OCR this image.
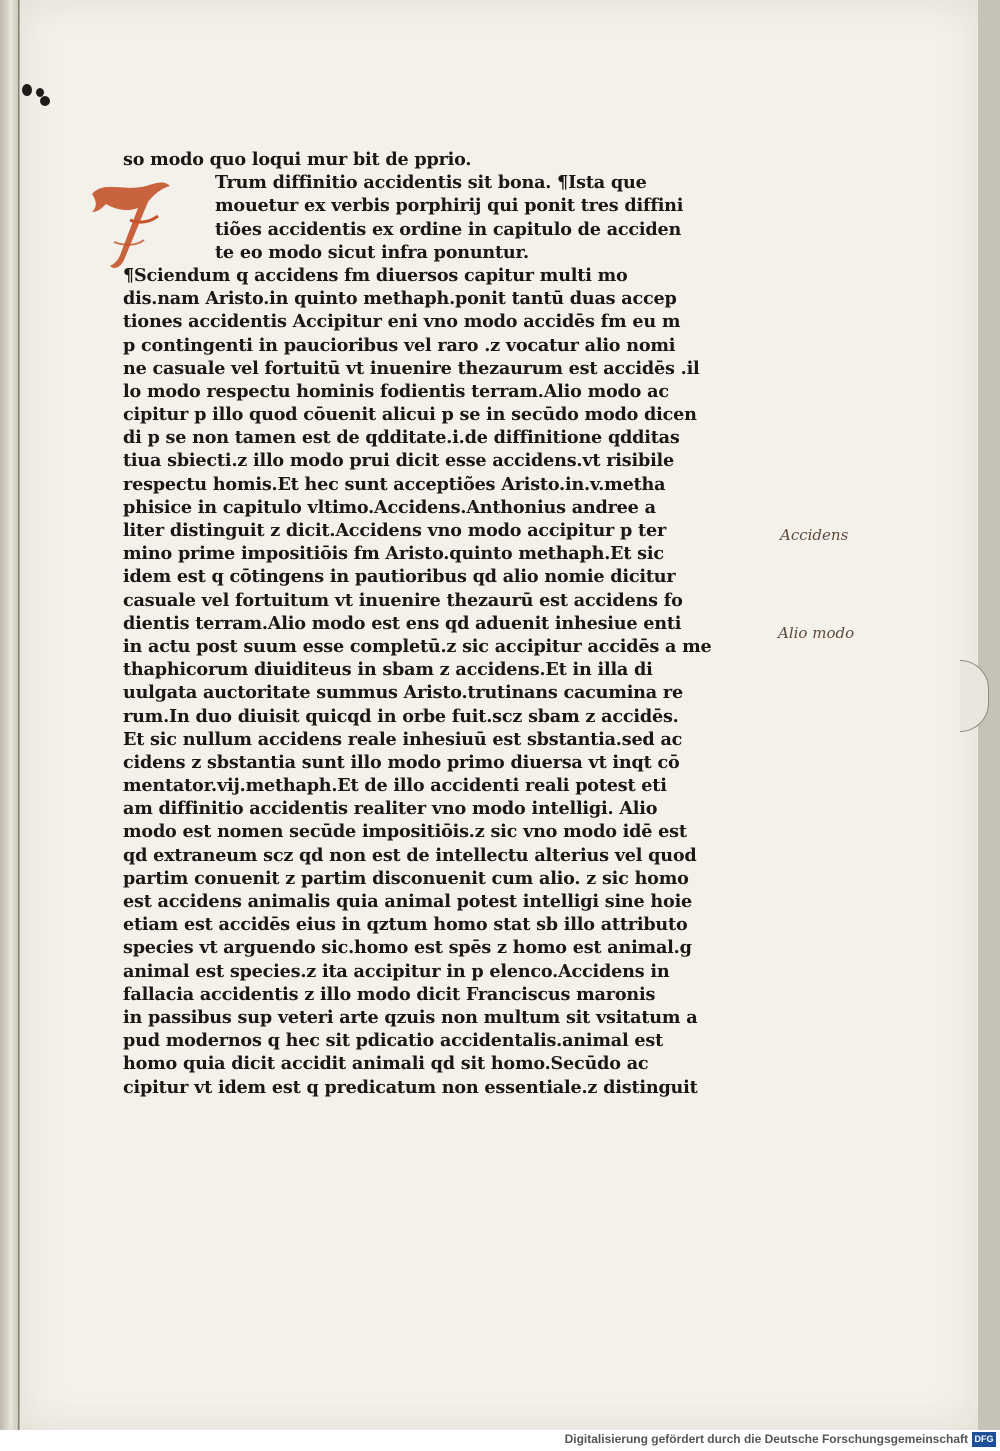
so modo quo loqui mur bit de pprio.
Trum diffinitio accidentis sit bona. ¶Ista que
mouetur ex verbis porphirij qui ponit tres diffini
tiões accidentis ex ordine in capitulo de acciden
te eo modo sicut infra ponuntur.
¶Sciendum q accidens fm diuersos capitur multi mo
dis.nam Aristo.in quinto methaph.ponit tantū duas accep
tiones accidentis Accipitur eni vno modo accidēs fm eu m
p contingenti in paucioribus vel raro .z vocatur alio nomi
ne casuale vel fortuitū vt inuenire thezaurum est accidēs .il
lo modo respectu hominis fodientis terram.Alio modo ac
cipitur p illo quod cōuenit alicui p se in secūdo modo dicen
di p se non tamen est de qdditate.i.de diffinitione qdditas
tiua sbiecti.z illo modo prui dicit esse accidens.vt risibile
respectu homis.Et hec sunt acceptiões Aristo.in.v.metha
phisice in capitulo vltimo.Accidens.Anthonius andree a
liter distinguit z dicit.Accidens vno modo accipitur p ter
mino prime impositiōis fm Aristo.quinto methaph.Et sic
idem est q cōtingens in pautioribus qd alio nomie dicitur
casuale vel fortuitum vt inuenire thezaurū est accidens fo
dientis terram.Alio modo est ens qd aduenit inhesiue enti
in actu post suum esse completū.z sic accipitur accidēs a me
thaphicorum diuiditeus in sbam z accidens.Et in illa di
uulgata auctoritate summus Aristo.trutinans cacumina re
rum.In duo diuisit quicqd in orbe fuit.scz sbam z accidēs.
Et sic nullum accidens reale inhesiuū est sbstantia.sed ac
cidens z sbstantia sunt illo modo primo diuersa vt inqt cō
mentator.vij.methaph.Et de illo accidenti reali potest eti
am diffinitio accidentis realiter vno modo intelligi. Alio
modo est nomen secūde impositiōis.z sic vno modo idē est
qd extraneum scz qd non est de intellectu alterius vel quod
partim conuenit z partim disconuenit cum alio. z sic homo
est accidens animalis quia animal potest intelligi sine hoie
etiam est accidēs eius in qztum homo stat sb illo attributo
species vt arguendo sic.homo est spēs z homo est animal.g
animal est species.z ita accipitur in p elenco.Accidens in
fallacia accidentis z illo modo dicit Franciscus maronis
in passibus sup veteri arte qzuis non multum sit vsitatum a
pud modernos q hec sit pdicatio accidentalis.animal est
homo quia dicit accidit animali qd sit homo.Secūdo ac
cipitur vt idem est q predicatum non essentiale.z distinguit
Accidens
Alio modo
Digitalisierung gefördert durch die Deutsche Forschungsgemeinschaft DFG
